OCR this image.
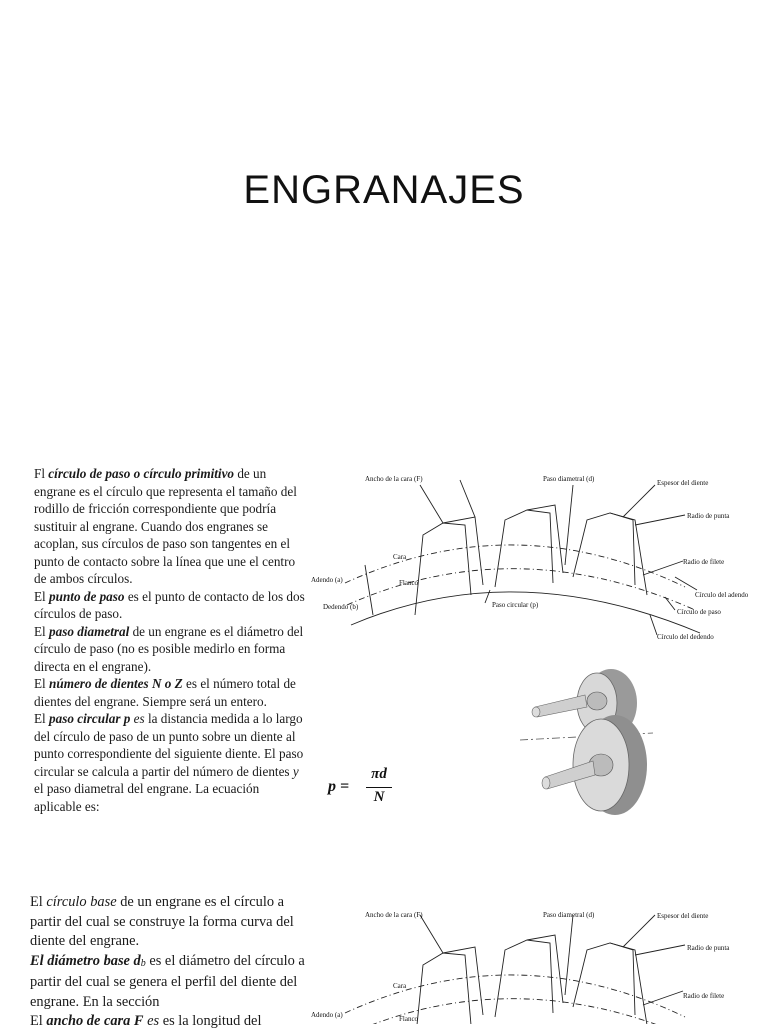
ENGRANAJES

Fl círculo de paso o círculo primitivo de un engrane es el círculo que representa el tamaño del rodillo de fricción correspondiente que podría sustituir al engrane. Cuando dos engranes se acoplan, sus círculos de paso son tangentes en el punto de contacto sobre la línea que une el centro de ambos círculos.

El punto de paso es el punto de contacto de los dos círculos de paso.

El paso diametral de un engrane es el diámetro del círculo de paso (no es posible medirlo en forma directa en el engrane).

El número de dientes N o Z es el número total de dientes del engrane. Siempre será un entero.

El paso circular p es la distancia medida a lo largo del círculo de paso de un punto sobre un diente al punto correspondiente del siguiente diente. El paso circular se calcula a partir del número de dientes y el paso diametral del engrane. La ecuación aplicable es:

Ancho de la cara (F)	Paso diametral (d)	Espesor del diente
Radio de punta
Radio de filete
Círculo del adendo
Círculo de paso
Círculo del dedendo
Paso circular (p)
Cara
Flanco
Adendo (a)
Dedendo (b)
p =
πd
N

El círculo base de un engrane es el círculo a partir del cual se construye la forma curva del diente del engrane.

El diámetro base db es el diámetro del círculo a partir del cual se genera el perfil del diente del engrane. En la sección

El ancho de cara F es es la longitud del

Ancho de la cara (F)	Paso diametral (d)	Espesor del diente
Radio de punta
Radio de filete
Cara
Flanco
Adendo (a)
